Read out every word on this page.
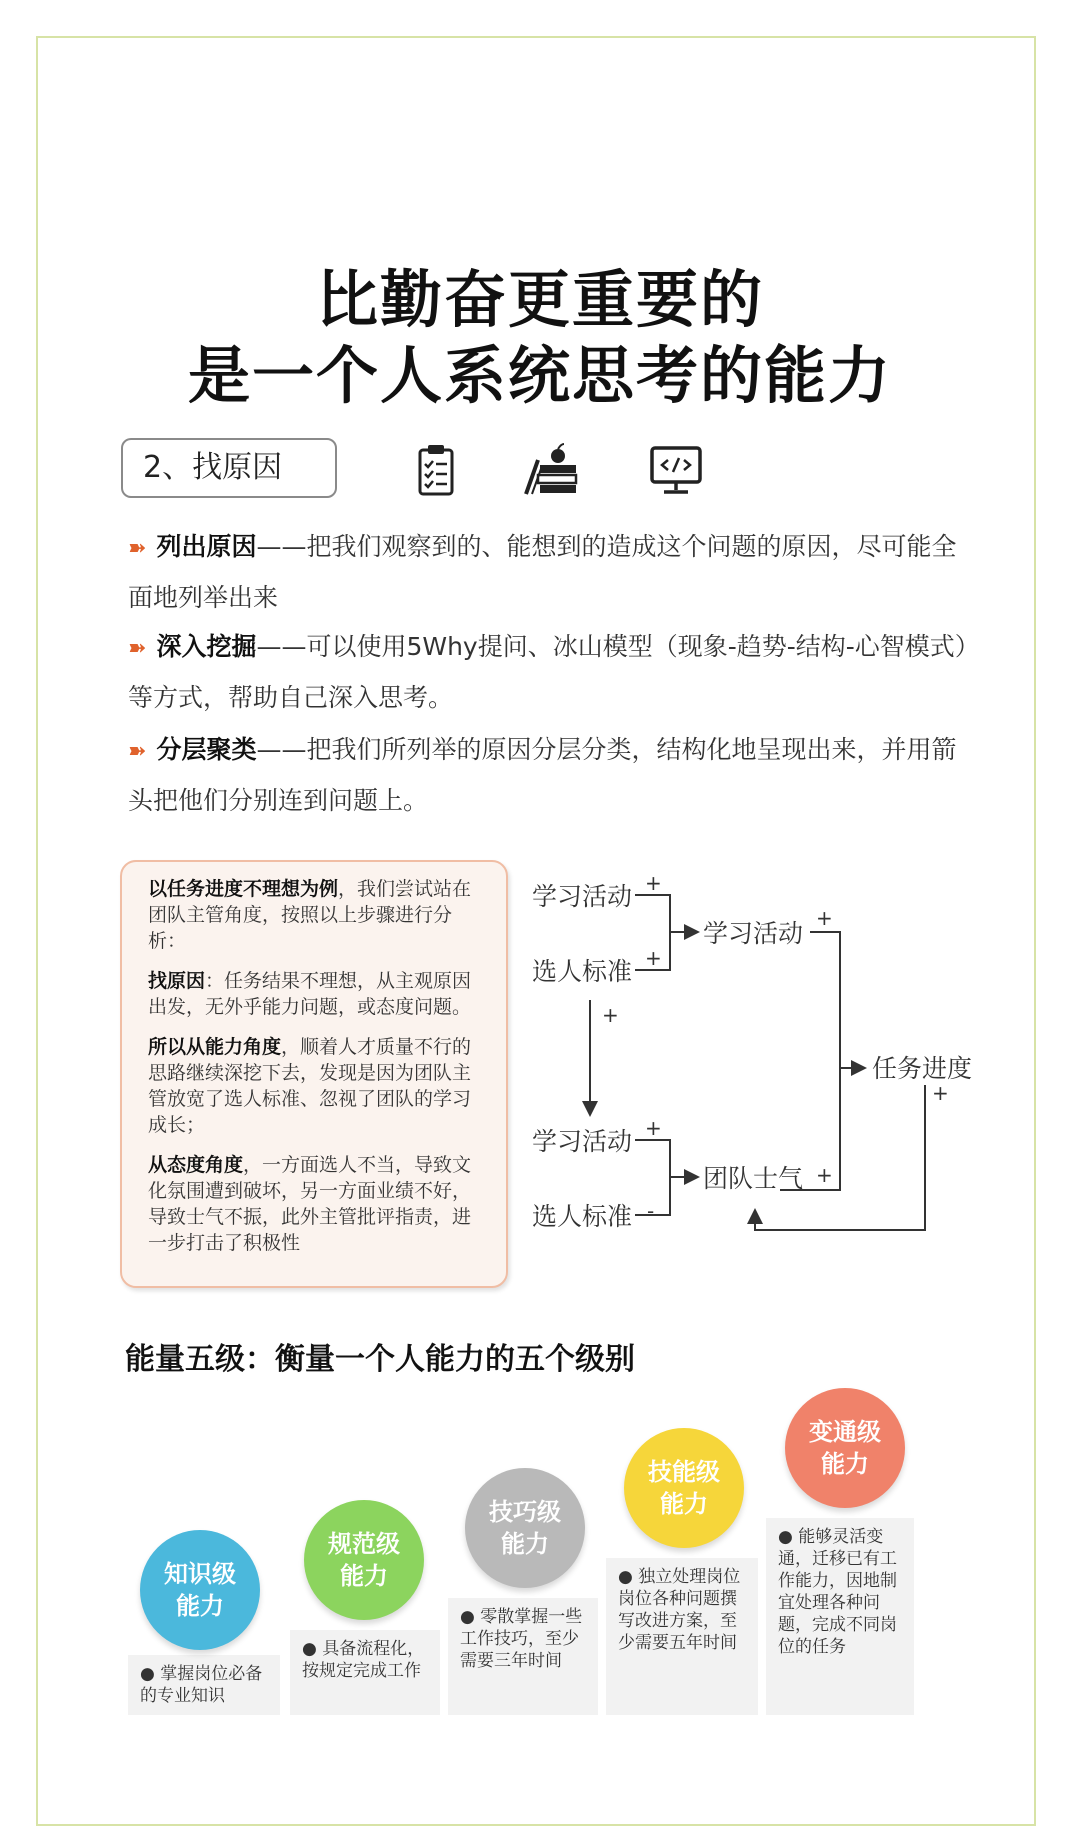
比勤奋更重要的
是一个人系统思考的能力
2、找原因
➽ 列出原因——把我们观察到的、能想到的造成这个问题的原因，尽可能全面地列举出来
➽ 深入挖掘——可以使用5Why提问、冰山模型（现象-趋势-结构-心智模式）等方式，帮助自己深入思考。
➽ 分层聚类——把我们所列举的原因分层分类，结构化地呈现出来，并用箭头把他们分别连到问题上。

以任务进度不理想为例，我们尝试站在团队主管角度，按照以上步骤进行分析：

找原因：任务结果不理想，从主观原因出发，无外乎能力问题，或态度问题。

所以从能力角度，顺着人才质量不行的思路继续深挖下去，发现是因为团队主管放宽了选人标准、忽视了团队的学习成长；

从态度角度，一方面选人不当，导致文化氛围遭到破坏，另一方面业绩不好，导致士气不振，此外主管批评指责，进一步打击了积极性

学习活动 +
选人标准 +
学习活动
+
+
学习活动 +
选人标准 -
团队士气 +
任务进度
+
能量五级：衡量一个人能力的五个级别
● 掌握岗位必备的专业知识
● 具备流程化，按规定完成工作
● 零散掌握一些工作技巧，至少需要三年时间
● 独立处理岗位岗位各种问题撰写改进方案，至少需要五年时间
● 能够灵活变通，迁移已有工作能力，因地制宜处理各种问题，完成不同岗位的任务
知识级
能力
规范级
能力
技巧级
能力
技能级
能力
变通级
能力
